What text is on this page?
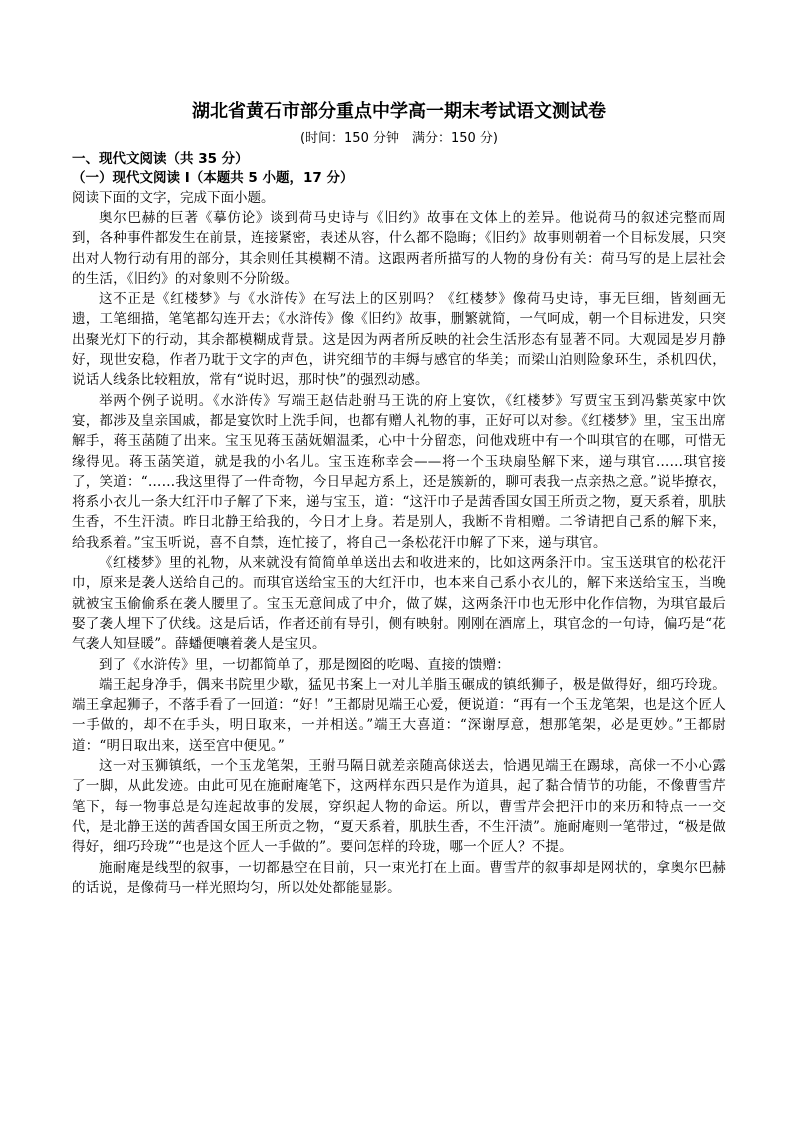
湖北省黄石市部分重点中学高一期末考试语文测试卷
(时间：150 分钟　满分：150 分)
一、现代文阅读（共 35 分）
（一）现代文阅读 I（本题共 5 小题，17 分）
阅读下面的文字，完成下面小题。

奥尔巴赫的巨著《摹仿论》谈到荷马史诗与《旧约》故事在文体上的差异。他说荷马的叙述完整而周到，各种事件都发生在前景，连接紧密，表述从容，什么都不隐晦；《旧约》故事则朝着一个目标发展，只突出对人物行动有用的部分，其余则任其模糊不清。这跟两者所描写的人物的身份有关：荷马写的是上层社会的生活，《旧约》的对象则不分阶级。

这不正是《红楼梦》与《水浒传》在写法上的区别吗？《红楼梦》像荷马史诗，事无巨细，皆刻画无遗，工笔细描，笔笔都勾连开去；《水浒传》像《旧约》故事，删繁就简，一气呵成，朝一个目标进发，只突出聚光灯下的行动，其余都模糊成背景。这是因为两者所反映的社会生活形态有显著不同。大观园是岁月静好，现世安稳，作者乃耽于文字的声色，讲究细节的丰缛与感官的华美；而梁山泊则险象环生，杀机四伏，说话人线条比较粗放，常有“说时迟，那时快”的强烈动感。

举两个例子说明。《水浒传》写端王赵佶赴驸马王诜的府上宴饮，《红楼梦》写贾宝玉到冯紫英家中饮宴，都涉及皇亲国戚，都是宴饮时上洗手间，也都有赠人礼物的事，正好可以对参。《红楼梦》里，宝玉出席解手，蒋玉菡随了出来。宝玉见蒋玉菡妩媚温柔，心中十分留恋，问他戏班中有一个叫琪官的在哪，可惜无缘得见。蒋玉菡笑道，就是我的小名儿。宝玉连称幸会——将一个玉玦扇坠解下来，递与琪官……琪官接了，笑道：“……我这里得了一件奇物，今日早起方系上，还是簇新的，聊可表我一点亲热之意。”说毕撩衣，将系小衣儿一条大红汗巾子解了下来，递与宝玉，道：“这汗巾子是茜香国女国王所贡之物，夏天系着，肌肤生香，不生汗渍。昨日北静王给我的，今日才上身。若是别人，我断不肯相赠。二爷请把自己系的解下来，给我系着。”宝玉听说，喜不自禁，连忙接了，将自己一条松花汗巾解了下来，递与琪官。

《红楼梦》里的礼物，从来就没有简简单单送出去和收进来的，比如这两条汗巾。宝玉送琪官的松花汗巾，原来是袭人送给自己的。而琪官送给宝玉的大红汗巾，也本来自己系小衣儿的，解下来送给宝玉，当晚就被宝玉偷偷系在袭人腰里了。宝玉无意间成了中介，做了媒，这两条汗巾也无形中化作信物，为琪官最后娶了袭人埋下了伏线。这是后话，作者还前有导引，侧有映射。刚刚在酒席上，琪官念的一句诗，偏巧是“花气袭人知昼暖”。薛蟠便嚷着袭人是宝贝。

到了《水浒传》里，一切都简单了，那是囫囵的吃喝、直接的馈赠：

端王起身净手，偶来书院里少歇，猛见书案上一对儿羊脂玉碾成的镇纸狮子，极是做得好，细巧玲珑。端王拿起狮子，不落手看了一回道：“好！”王都尉见端王心爱，便说道：“再有一个玉龙笔架，也是这个匠人一手做的，却不在手头，明日取来，一并相送。”端王大喜道：“深谢厚意，想那笔架，必是更妙。”王都尉道：“明日取出来，送至宫中便见。”

这一对玉狮镇纸，一个玉龙笔架，王驸马隔日就差亲随高俅送去，恰遇见端王在踢球，高俅一不小心露了一脚，从此发迹。由此可见在施耐庵笔下，这两样东西只是作为道具，起了黏合情节的功能，不像曹雪芹笔下，每一物事总是勾连起故事的发展，穿织起人物的命运。所以，曹雪芹会把汗巾的来历和特点一一交代，是北静王送的茜香国女国王所贡之物，“夏天系着，肌肤生香，不生汗渍”。施耐庵则一笔带过，“极是做得好，细巧玲珑”“也是这个匠人一手做的”。要问怎样的玲珑，哪一个匠人？不提。

施耐庵是线型的叙事，一切都悬空在目前，只一束光打在上面。曹雪芹的叙事却是网状的，拿奥尔巴赫的话说，是像荷马一样光照均匀，所以处处都能显影。
